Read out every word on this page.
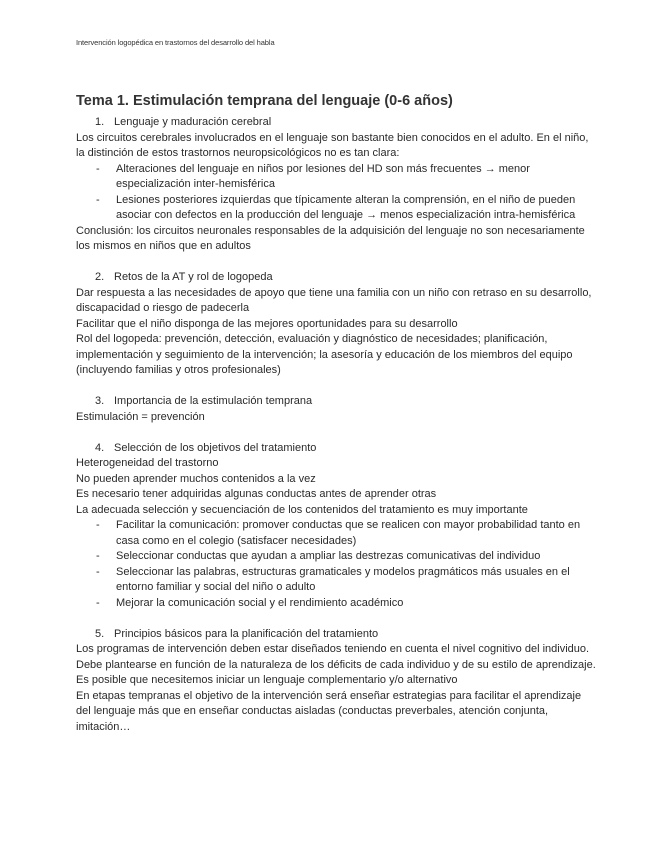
Intervención logopédica en trastornos del desarrollo del habla
Tema 1. Estimulación temprana del lenguaje (0-6 años)
1. Lenguaje y maduración cerebral

Los circuitos cerebrales involucrados en el lenguaje son bastante bien conocidos en el adulto. En el niño, la distinción de estos trastornos neuropsicológicos no es tan clara:

-	Alteraciones del lenguaje en niños por lesiones del HD son más frecuentes → menor especialización inter-hemisférica
-	Lesiones posteriores izquierdas que típicamente alteran la comprensión, en el niño de pueden asociar con defectos en la producción del lenguaje → menos especialización intra-hemisférica

Conclusión: los circuitos neuronales responsables de la adquisición del lenguaje no son necesariamente los mismos en niños que en adultos

2. Retos de la AT y rol de logopeda

Dar respuesta a las necesidades de apoyo que tiene una familia con un niño con retraso en su desarrollo, discapacidad o riesgo de padecerla

Facilitar que el niño disponga de las mejores oportunidades para su desarrollo

Rol del logopeda: prevención, detección, evaluación y diagnóstico de necesidades; planificación, implementación y seguimiento de la intervención; la asesoría y educación de los miembros del equipo (incluyendo familias y otros profesionales)

3. Importancia de la estimulación temprana

Estimulación = prevención

4. Selección de los objetivos del tratamiento

Heterogeneidad del trastorno

No pueden aprender muchos contenidos a la vez

Es necesario tener adquiridas algunas conductas antes de aprender otras

La adecuada selección y secuenciación de los contenidos del tratamiento es muy importante

-	Facilitar la comunicación: promover conductas que se realicen con mayor probabilidad tanto en casa como en el colegio (satisfacer necesidades)
-	Seleccionar conductas que ayudan a ampliar las destrezas comunicativas del individuo
-	Seleccionar las palabras, estructuras gramaticales y modelos pragmáticos más usuales en el entorno familiar y social del niño o adulto
-	Mejorar la comunicación social y el rendimiento académico
5. Principios básicos para la planificación del tratamiento

Los programas de intervención deben estar diseñados teniendo en cuenta el nivel cognitivo del individuo. Debe plantearse en función de la naturaleza de los déficits de cada individuo y de su estilo de aprendizaje. Es posible que necesitemos iniciar un lenguaje complementario y/o alternativo

En etapas tempranas el objetivo de la intervención será enseñar estrategias para facilitar el aprendizaje del lenguaje más que en enseñar conductas aisladas (conductas preverbales, atención conjunta, imitación…
